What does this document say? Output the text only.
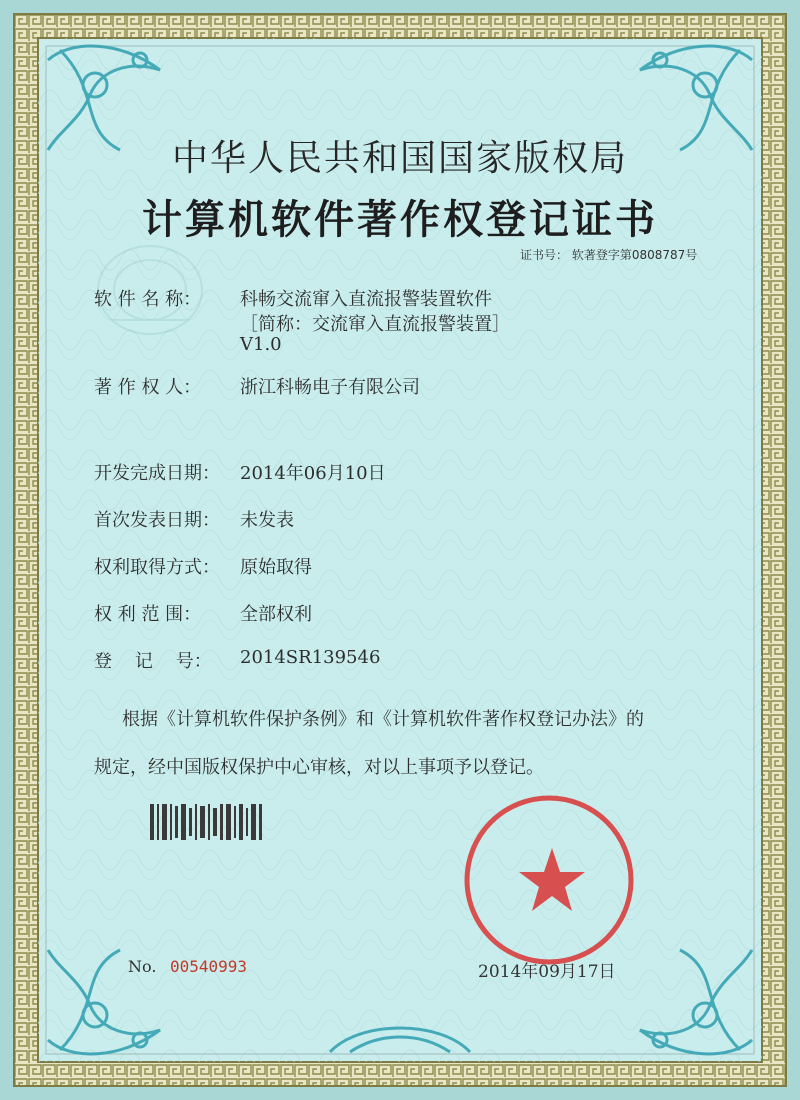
中华人民共和国国家版权局
计算机软件著作权登记证书
证书号： 软著登字第0808787号
软 件 名 称： 科畅交流窜入直流报警装置软件
［简称：交流窜入直流报警装置］
V1.0
著 作 权 人： 浙江科畅电子有限公司
开发完成日期： 2014年06月10日
首次发表日期： 未发表
权利取得方式： 原始取得
权 利 范 围： 全部权利
登    记    号： 2014SR139546
根据《计算机软件保护条例》和《计算机软件著作权登记办法》的
规定，经中国版权保护中心审核，对以上事项予以登记。
No. 00540993	2014年09月17日
